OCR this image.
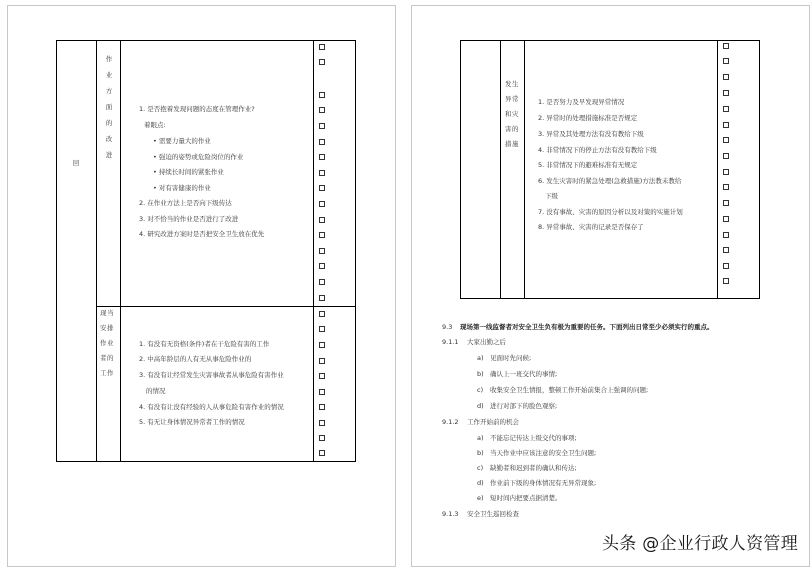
回
作
业
方
面
的
改
进
1. 是否抱着发现问题的态度在管理作业?
着眼点:
• 需要力量大的作业
• 强迫的姿势或危险岗位的作业
• 持续长时间的紧张作业
• 对有害健康的作业
2. 在作业方法上是否向下级传达
3. 对不恰当的作业是否进行了改进
4. 研究改进方案时是否把安全卫生放在优先
现当
安排
作业
者的
工作
1. 有没有无资格(条件)者在干危险有害的工作
2. 中高年龄层的人有无从事危险作业的
3. 有没有让经常发生灾害事故者从事危险有害作业
的情况
4. 有没有让没有经验的人从事危险有害作业的情况
5. 有无让身体情况异常者工作的情况
发生
异常
和灾
害的
措施
1. 是否努力及早发现异常情况
2. 异常时的处理措施标准是否规定
3. 异常及其处理方法有没有教给下级
4. 非常情况下的停止方法有没有教给下级
5. 非常情况下的避难标准有无规定
6. 发生灾害时的紧急处理(急救措施)方法教未教给
下级
7. 没有事故、灾害的原因分析以及对策的实施计划
8. 异常事故、灾害的记录是否保存了
9.3 现场第一线监督者对安全卫生负有极为重要的任务。下面列出日常至少必须实行的重点。
9.1.1 大家出勤之后
a) 见面时先问候;
b) 确认上一班交代的事情;
c) 收集安全卫生情报，整顿工作开始前集合上强调的问题;
d) 进行对部下的脸色观察;
9.1.2 工作开始前的机会
a) 不能忘记传达上级交代的事项;
b) 当天作业中应该注意的安全卫生问题;
c) 缺勤者和迟到者的确认和传达;
d) 作业前下级的身体情况有无异常现象;
e) 短时间内把要点据清楚。
9.1.3 安全卫生巡回检查
头条 @企业行政人资管理
